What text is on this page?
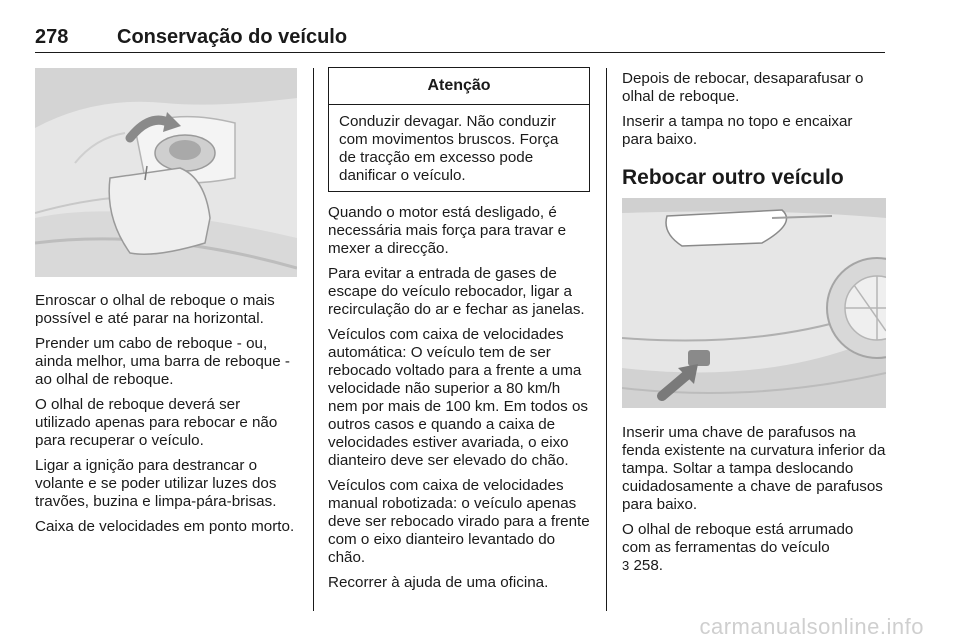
278 Conservação do veículo

Enroscar o olhal de reboque o mais possível e até parar na horizontal.

Prender um cabo de reboque - ou, ainda melhor, uma barra de reboque - ao olhal de reboque.

O olhal de reboque deverá ser utilizado apenas para rebocar e não para recuperar o veículo.

Ligar a ignição para destrancar o volante e se poder utilizar luzes dos travões, buzina e limpa-pára-brisas.

Caixa de velocidades em ponto morto.

Atenção
Conduzir devagar. Não conduzir com movimentos bruscos. Força de tracção em excesso pode danificar o veículo.

Quando o motor está desligado, é necessária mais força para travar e mexer a direcção.

Para evitar a entrada de gases de escape do veículo rebocador, ligar a recirculação do ar e fechar as janelas.

Veículos com caixa de velocidades automática: O veículo tem de ser rebocado voltado para a frente a uma velocidade não superior a 80 km/h nem por mais de 100 km. Em todos os outros casos e quando a caixa de velocidades estiver avariada, o eixo dianteiro deve ser elevado do chão.

Veículos com caixa de velocidades manual robotizada: o veículo apenas deve ser rebocado virado para a frente com o eixo dianteiro levantado do chão.

Recorrer à ajuda de uma oficina.

Depois de rebocar, desaparafusar o olhal de reboque.

Inserir a tampa no topo e encaixar para baixo.

Rebocar outro veículo

Inserir uma chave de parafusos na fenda existente na curvatura inferior da tampa. Soltar a tampa deslocando cuidadosamente a chave de parafusos para baixo.

O olhal de reboque está arrumado com as ferramentas do veículo
3 258.

carmanualsonline.info
